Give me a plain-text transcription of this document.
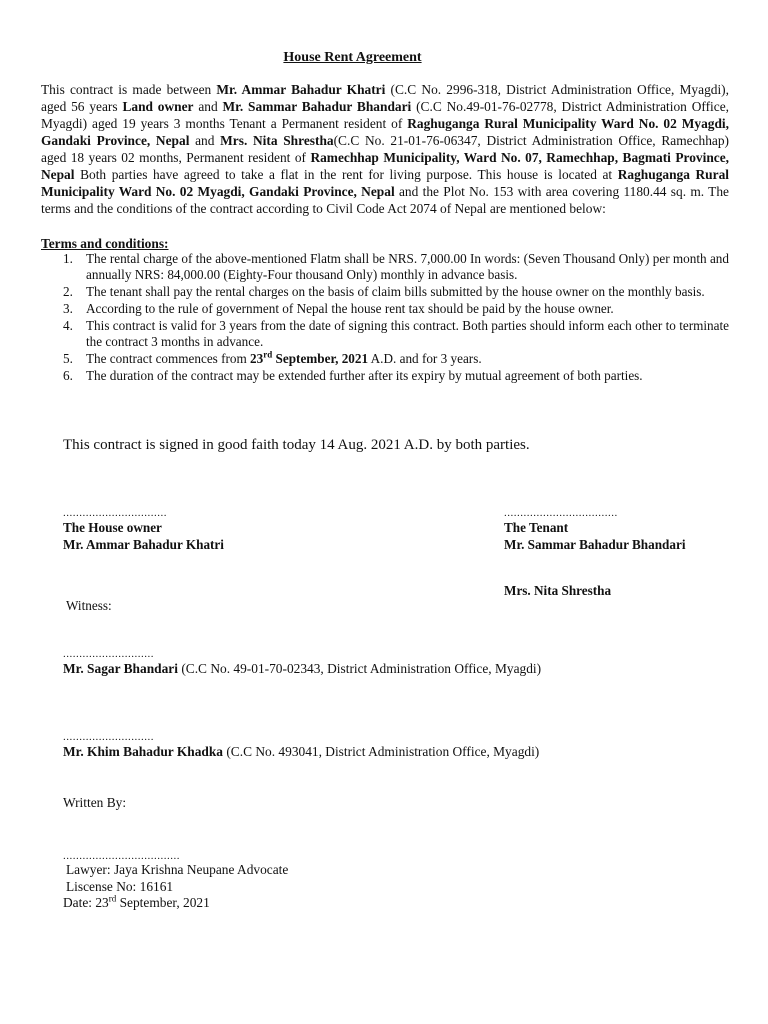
House Rent Agreement

This contract is made between Mr. Ammar Bahadur Khatri (C.C No. 2996-318, District Administration Office, Myagdi), aged 56 years Land owner and Mr. Sammar Bahadur Bhandari (C.C No.49-01-76-02778, District Administration Office, Myagdi) aged 19 years 3 months Tenant a Permanent resident of Raghuganga Rural Municipality Ward No. 02 Myagdi, Gandaki Province, Nepal and Mrs. Nita Shrestha(C.C No. 21-01-76-06347, District Administration Office, Ramechhap) aged 18 years 02 months, Permanent resident of Ramechhap Municipality, Ward No. 07, Ramechhap, Bagmati Province, Nepal Both parties have agreed to take a flat in the rent for living purpose. This house is located at Raghuganga Rural Municipality Ward No. 02 Myagdi, Gandaki Province, Nepal and the Plot No. 153 with area covering 1180.44 sq. m. The terms and the conditions of the contract according to Civil Code Act 2074 of Nepal are mentioned below:

Terms and conditions:
1. The rental charge of the above-mentioned Flatm shall be NRS. 7,000.00 In words: (Seven Thousand Only) per month and annually NRS: 84,000.00 (Eighty-Four thousand Only) monthly in advance basis.
2. The tenant shall pay the rental charges on the basis of claim bills submitted by the house owner on the monthly basis.
3. According to the rule of government of Nepal the house rent tax should be paid by the house owner.
4. This contract is valid for 3 years from the date of signing this contract. Both parties should inform each other to terminate the contract 3 months in advance.
5. The contract commences from 23rd September, 2021 A.D. and for 3 years.
6. The duration of the contract may be extended further after its expiry by mutual agreement of both parties.
This contract is signed in good faith today 14 Aug. 2021 A.D. by both parties.
................................
The House owner
Mr. Ammar Bahadur Khatri
...................................
The Tenant
Mr. Sammar Bahadur Bhandari
Mrs. Nita Shrestha
Witness:
............................
Mr. Sagar Bhandari (C.C No. 49-01-70-02343, District Administration Office, Myagdi)
............................
Mr. Khim Bahadur Khadka (C.C No. 493041, District Administration Office, Myagdi)
Written By:
....................................
Lawyer: Jaya Krishna Neupane Advocate
Liscense No: 16161
Date: 23rd September, 2021
